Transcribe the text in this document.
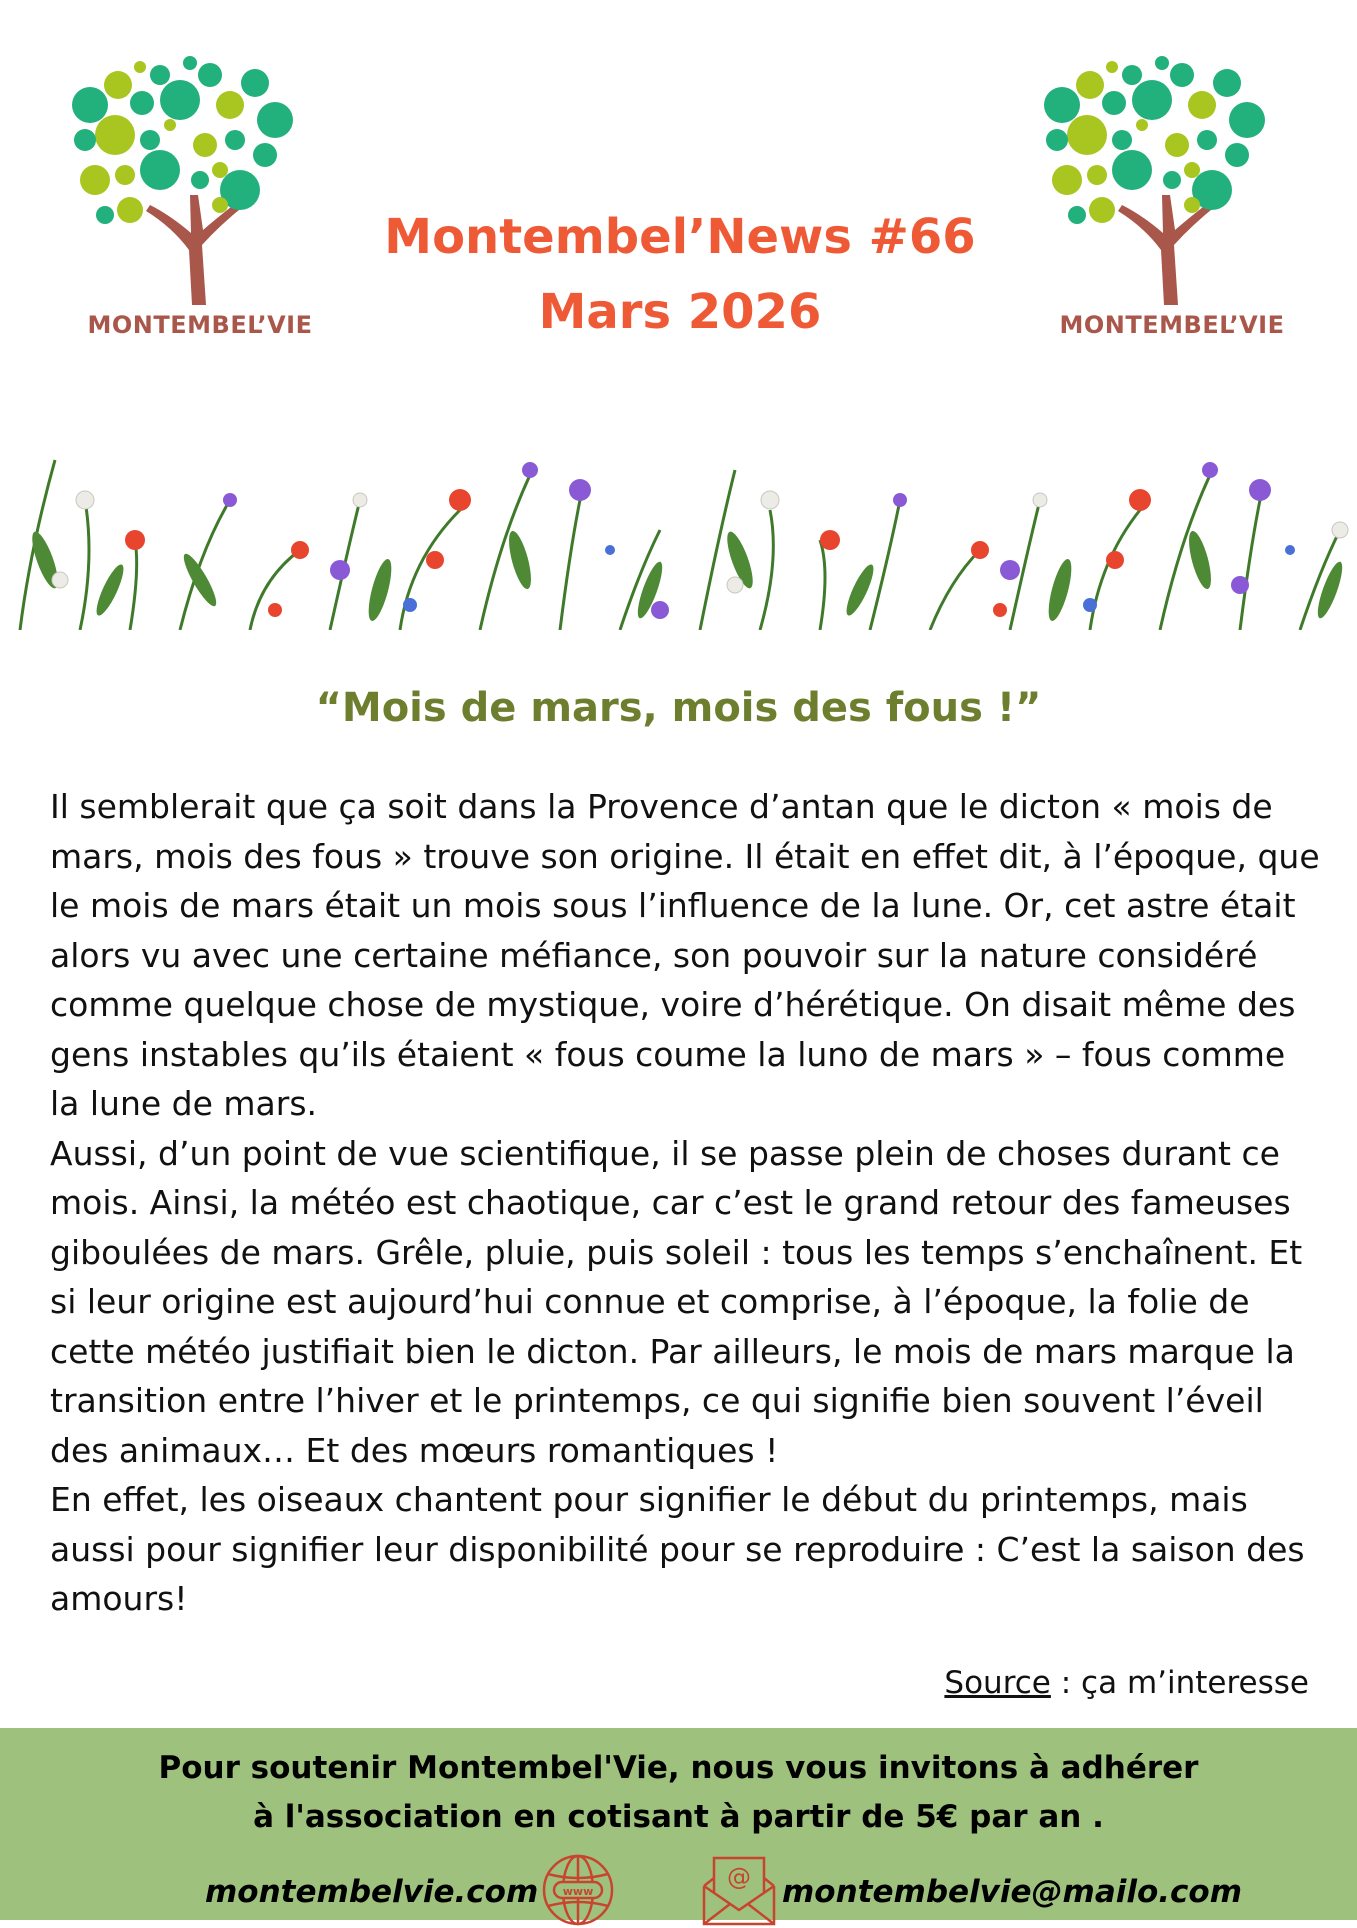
MONTEMBEL’VIE	MONTEMBEL’VIE
Montembel’News #66
Mars 2026
“Mois de mars, mois des fous !”

Il semblerait que ça soit dans la Provence d’antan que le dicton « mois de mars, mois des fous » trouve son origine. Il était en effet dit, à l’époque, que le mois de mars était un mois sous l’influence de la lune. Or, cet astre était alors vu avec une certaine méfiance, son pouvoir sur la nature considéré comme quelque chose de mystique, voire d’hérétique. On disait même des gens instables qu’ils étaient « fous coume la luno de mars » – fous comme la lune de mars.

Aussi, d’un point de vue scientifique, il se passe plein de choses durant ce mois. Ainsi, la météo est chaotique, car c’est le grand retour des fameuses giboulées de mars. Grêle, pluie, puis soleil : tous les temps s’enchaînent. Et si leur origine est aujourd’hui connue et comprise, à l’époque, la folie de cette météo justifiait bien le dicton. Par ailleurs, le mois de mars marque la transition entre l’hiver et le printemps, ce qui signifie bien souvent l’éveil des animaux… Et des mœurs romantiques !

En effet, les oiseaux chantent pour signifier le début du printemps, mais aussi pour signifier leur disponibilité pour se reproduire : C’est la saison des amours!

Source : ça m’interesse
Pour soutenir Montembel'Vie, nous vous invitons à adhérer
à l'association en cotisant à partir de 5€ par an .
montembelvie.com www
@ montembelvie@mailo.com
